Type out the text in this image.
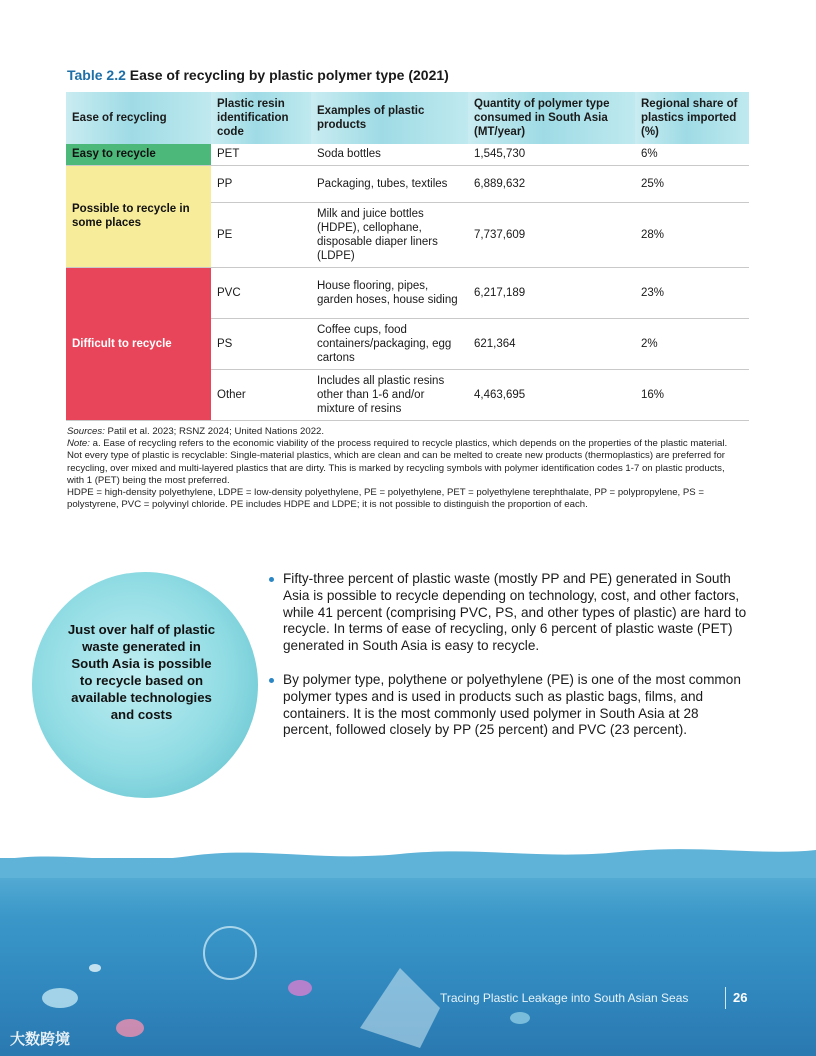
Table 2.2 Ease of recycling by plastic polymer type (2021)
Ease of recycling	Plastic resin identification code	Examples of plastic products	Quantity of polymer type consumed in South Asia (MT/year)	Regional share of plastics imported (%)
Easy to recycle	PET	Soda bottles	1,545,730	6%
Possible to recycle in some places	PP	Packaging, tubes, textiles	6,889,632	25%
	PE	Milk and juice bottles (HDPE), cellophane, disposable diaper liners (LDPE)	7,737,609	28%
Difficult to recycle	PVC	House flooring, pipes, garden hoses, house siding	6,217,189	23%
	PS	Coffee cups, food containers/packaging, egg cartons	621,364	2%
	Other	Includes all plastic resins other than 1-6 and/or mixture of resins	4,463,695	16%

Sources: Patil et al. 2023; RSNZ 2024; United Nations 2022.

Note: a. Ease of recycling refers to the economic viability of the process required to recycle plastics, which depends on the properties of the plastic material. Not every type of plastic is recyclable: Single-material plastics, which are clean and can be melted to create new products (thermoplastics) are preferred for recycling, over mixed and multi-layered plastics that are dirty. This is marked by recycling symbols with polymer identification codes 1-7 on plastic products, with 1 (PET) being the most preferred.

HDPE = high-density polyethylene, LDPE = low-density polyethylene, PE = polyethylene, PET = polyethylene terephthalate, PP = polypropylene, PS = polystyrene, PVC = polyvinyl chloride. PE includes HDPE and LDPE; it is not possible to distinguish the proportion of each.

Just over half of plastic waste generated in South Asia is possible to recycle based on available technologies and costs
Fifty-three percent of plastic waste (mostly PP and PE) generated in South Asia is possible to recycle depending on technology, cost, and other factors, while 41 percent (comprising PVC, PS, and other types of plastic) are hard to recycle. In terms of ease of recycling, only 6 percent of plastic waste (PET) generated in South Asia is easy to recycle.
By polymer type, polythene or polyethylene (PE) is one of the most common polymer types and is used in products such as plastic bags, films, and containers. It is the most commonly used polymer in South Asia at 28 percent, followed closely by PP (25 percent) and PVC (23 percent).
Tracing Plastic Leakage into South Asian Seas	26
大数跨境
